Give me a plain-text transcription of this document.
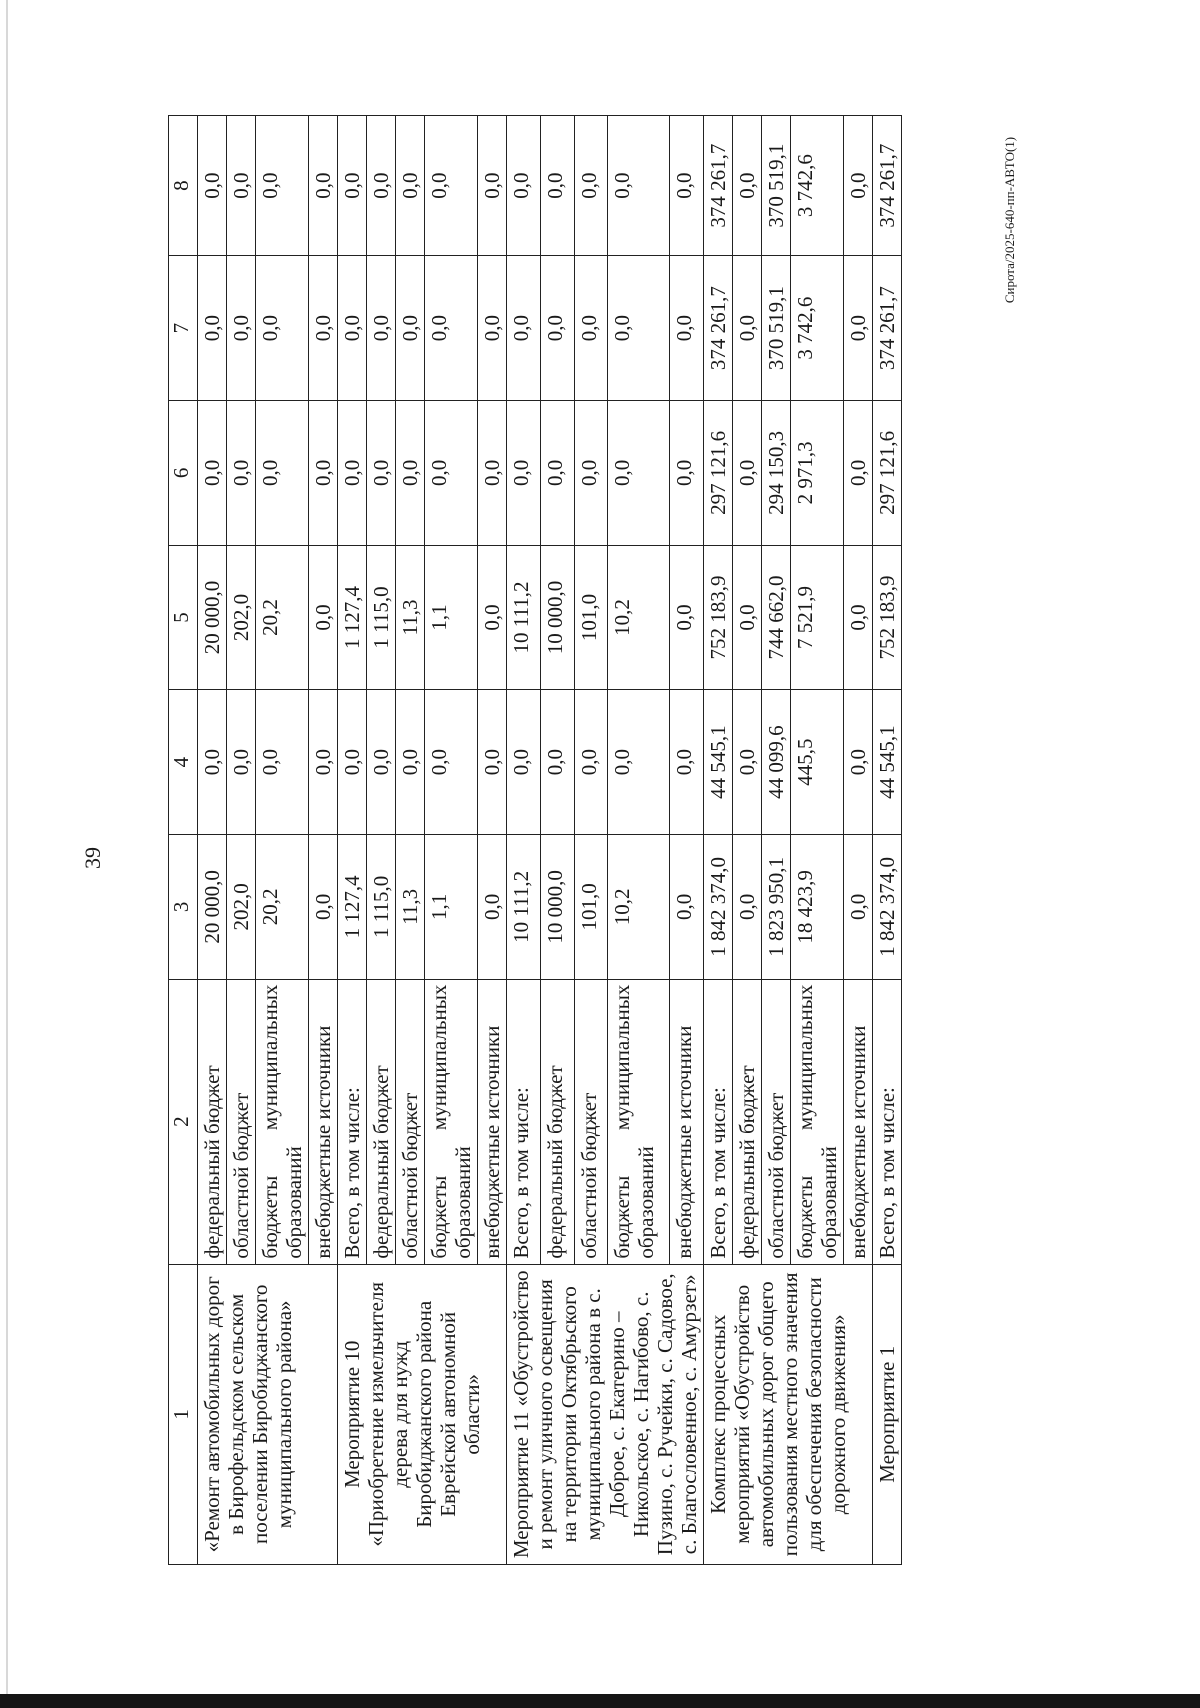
39
Сирота/2025-640-пп-АВТО(1)
1	2	3	4	5	6	7	8
«Ремонт автомобильных дорог в Бирофельдском сельском поселении Биробиджанского муниципального района»	федеральный бюджет	20 000,0	0,0	20 000,0	0,0	0,0	0,0
	областной бюджет	202,0	0,0	202,0	0,0	0,0	0,0
	бюджеты муниципальных образований	20,2	0,0	20,2	0,0	0,0	0,0
	внебюджетные источники	0,0	0,0	0,0	0,0	0,0	0,0
Мероприятие 10 «Приобретение измельчителя дерева для нужд Биробиджанского района Еврейской автономной области»	Всего, в том числе:	1 127,4	0,0	1 127,4	0,0	0,0	0,0
	федеральный бюджет	1 115,0	0,0	1 115,0	0,0	0,0	0,0
	областной бюджет	11,3	0,0	11,3	0,0	0,0	0,0
	бюджеты муниципальных образований	1,1	0,0	1,1	0,0	0,0	0,0
	внебюджетные источники	0,0	0,0	0,0	0,0	0,0	0,0
Мероприятие 11 «Обустройство и ремонт уличного освещения на территории Октябрьского муниципального района в с. Доброе, с. Екатерино – Никольское, с. Нагибово, с. Пузино, с. Ручейки, с. Садовое, с. Благословенное, с. Амурзет»	Всего, в том числе:	10 111,2	0,0	10 111,2	0,0	0,0	0,0
	федеральный бюджет	10 000,0	0,0	10 000,0	0,0	0,0	0,0
	областной бюджет	101,0	0,0	101,0	0,0	0,0	0,0
	бюджеты муниципальных образований	10,2	0,0	10,2	0,0	0,0	0,0
	внебюджетные источники	0,0	0,0	0,0	0,0	0,0	0,0
Комплекс процессных мероприятий «Обустройство автомобильных дорог общего пользования местного значения для обеспечения безопасности дорожного движения»	Всего, в том числе:	1 842 374,0	44 545,1	752 183,9	297 121,6	374 261,7	374 261,7
	федеральный бюджет	0,0	0,0	0,0	0,0	0,0	0,0
	областной бюджет	1 823 950,1	44 099,6	744 662,0	294 150,3	370 519,1	370 519,1
	бюджеты муниципальных образований	18 423,9	445,5	7 521,9	2 971,3	3 742,6	3 742,6
	внебюджетные источники	0,0	0,0	0,0	0,0	0,0	0,0
Мероприятие 1	Всего, в том числе:	1 842 374,0	44 545,1	752 183,9	297 121,6	374 261,7	374 261,7
